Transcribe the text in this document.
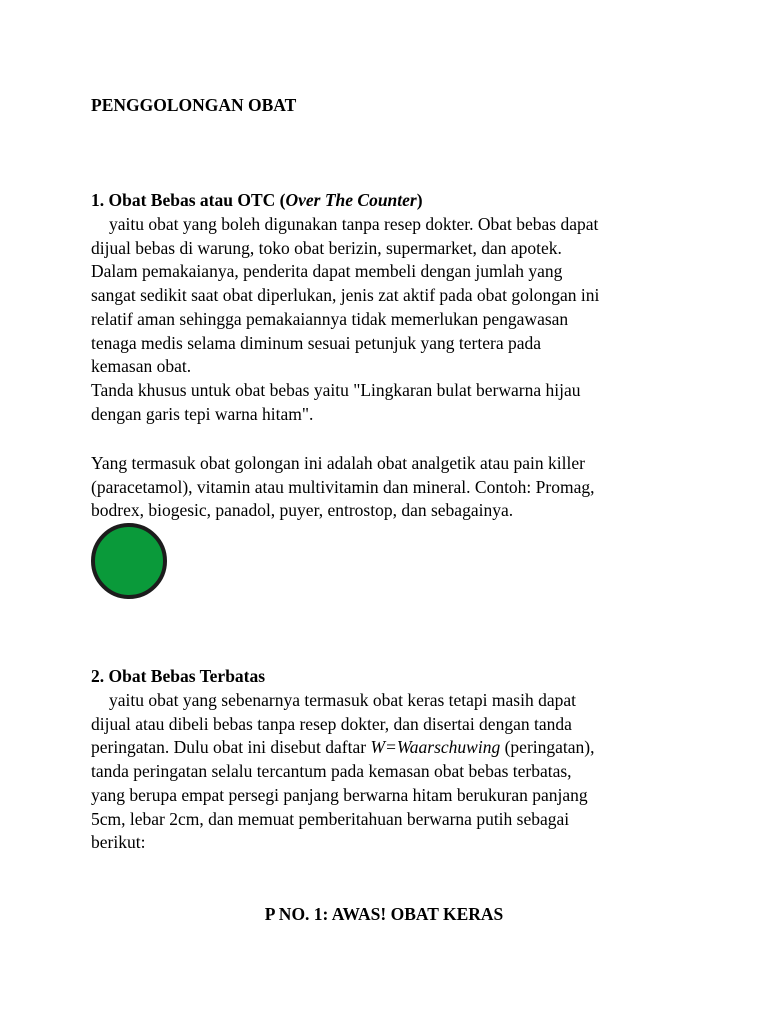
PENGGOLONGAN OBAT
1. Obat Bebas atau OTC (Over The Counter)
yaitu obat yang boleh digunakan tanpa resep dokter. Obat bebas dapat
dijual bebas di warung, toko obat berizin, supermarket, dan apotek.
Dalam pemakaianya, penderita dapat membeli dengan jumlah yang
sangat sedikit saat obat diperlukan, jenis zat aktif pada obat golongan ini
relatif aman sehingga pemakaiannya tidak memerlukan pengawasan
tenaga medis selama diminum sesuai petunjuk yang tertera pada
kemasan obat.
Tanda khusus untuk obat bebas yaitu "Lingkaran bulat berwarna hijau
dengan garis tepi warna hitam".
Yang termasuk obat golongan ini adalah obat analgetik atau pain killer
(paracetamol), vitamin atau multivitamin dan mineral. Contoh: Promag,
bodrex, biogesic, panadol, puyer, entrostop, dan sebagainya.
2. Obat Bebas Terbatas
yaitu obat yang sebenarnya termasuk obat keras tetapi masih dapat
dijual atau dibeli bebas tanpa resep dokter, dan disertai dengan tanda
peringatan. Dulu obat ini disebut daftar W=Waarschuwing (peringatan),
tanda peringatan selalu tercantum pada kemasan obat bebas terbatas,
yang berupa empat persegi panjang berwarna hitam berukuran panjang
5cm, lebar 2cm, dan memuat pemberitahuan berwarna putih sebagai
berikut:
P NO. 1: AWAS! OBAT KERAS
